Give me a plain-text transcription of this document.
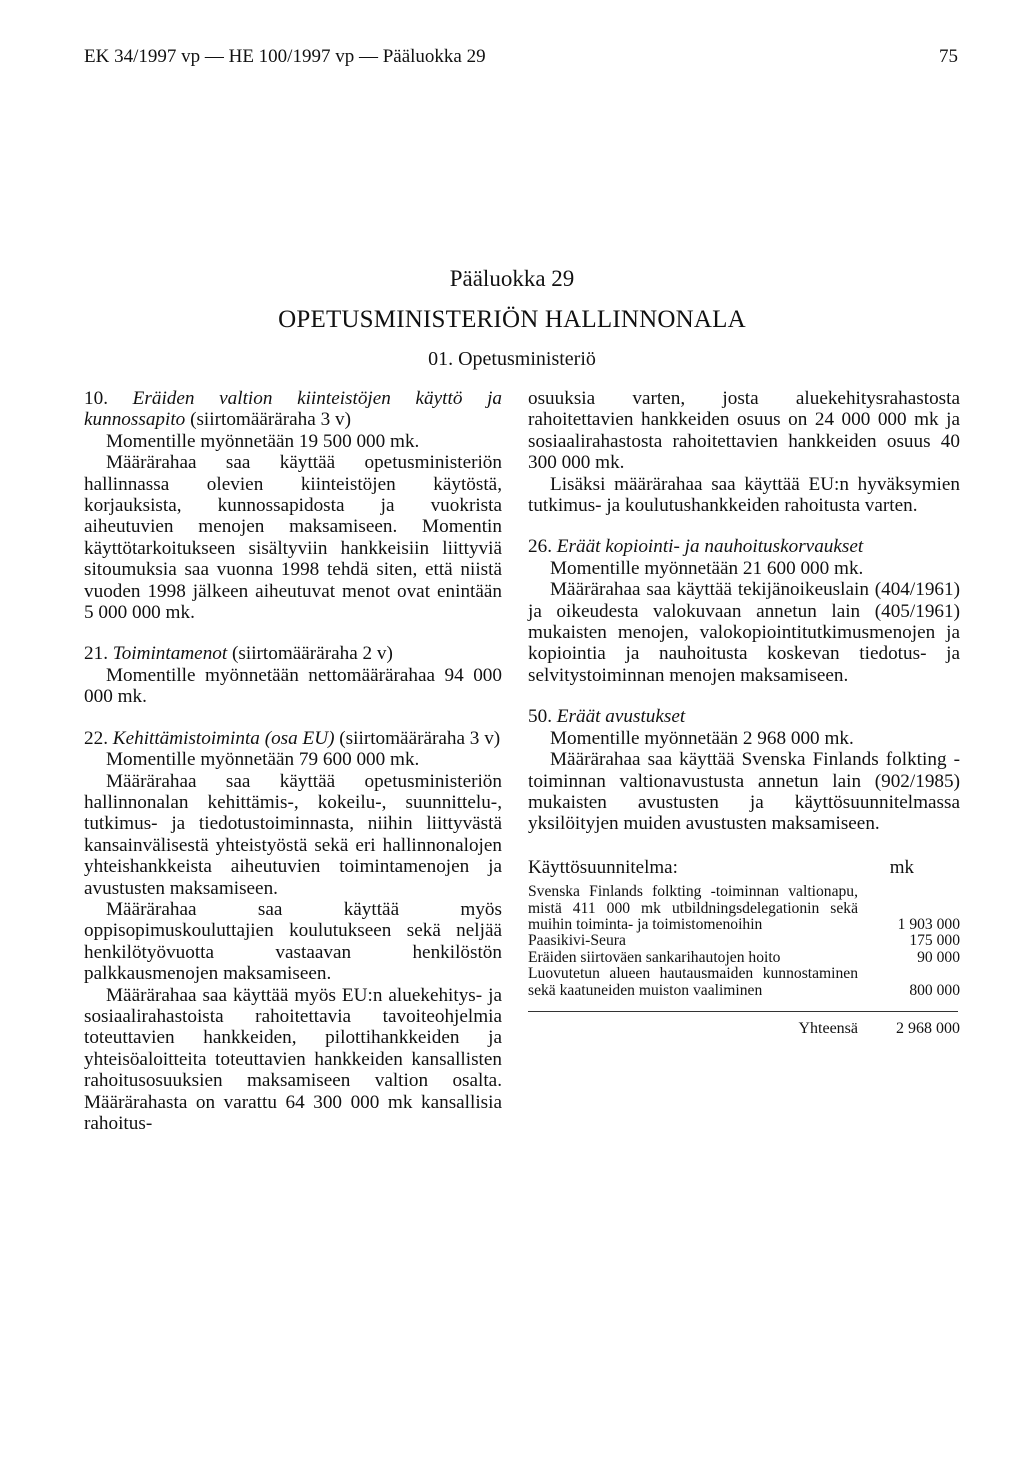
EK 34/1997 vp — HE 100/1997 vp — Pääluokka 29	75
Pääluokka 29
OPETUSMINISTERIÖN HALLINNONALA
01. Opetusministeriö

10. Eräiden valtion kiinteistöjen käyttö ja kunnossapito (siirtomääräraha 3 v)

Momentille myönnetään 19 500 000 mk.

Määrärahaa saa käyttää opetusministeriön hallinnassa olevien kiinteistöjen käytöstä, korjauksista, kunnossapidosta ja vuokrista aiheutuvien menojen maksamiseen. Momentin käyttötarkoitukseen sisältyviin hankkeisiin liittyviä sitoumuksia saa vuonna 1998 tehdä siten, että niistä vuoden 1998 jälkeen aiheutuvat menot ovat enintään 5 000 000 mk.

21. Toimintamenot (siirtomääräraha 2 v)

Momentille myönnetään nettomäärärahaa 94 000 000 mk.

22. Kehittämistoiminta (osa EU) (siirtomääräraha 3 v)

Momentille myönnetään 79 600 000 mk.

Määrärahaa saa käyttää opetusministeriön hallinnonalan kehittämis-, kokeilu-, suunnittelu-, tutkimus- ja tiedotustoiminnasta, niihin liittyvästä kansainvälisestä yhteistyöstä sekä eri hallinnonalojen yhteishankkeista aiheutuvien toimintamenojen ja avustusten maksamiseen.

Määrärahaa saa käyttää myös oppisopimuskouluttajien koulutukseen sekä neljää henkilötyövuotta vastaavan henkilöstön palkkausmenojen maksamiseen.

Määrärahaa saa käyttää myös EU:n aluekehitys- ja sosiaalirahastoista rahoitettavia tavoiteohjelmia toteuttavien hankkeiden, pilottihankkeiden ja yhteisöaloitteita toteuttavien hankkeiden kansallisten rahoitusosuuksien maksamiseen valtion osalta. Määrärahasta on varattu 64 300 000 mk kansallisia rahoitus-

osuuksia varten, josta aluekehitysrahastosta rahoitettavien hankkeiden osuus on 24 000 000 mk ja sosiaalirahastosta rahoitettavien hankkeiden osuus 40 300 000 mk.

Lisäksi määrärahaa saa käyttää EU:n hyväksymien tutkimus- ja koulutushankkeiden rahoitusta varten.

26. Eräät kopiointi- ja nauhoituskorvaukset

Momentille myönnetään 21 600 000 mk.

Määrärahaa saa käyttää tekijänoikeuslain (404/1961) ja oikeudesta valokuvaan annetun lain (405/1961) mukaisten menojen, valokopiointitutkimusmenojen ja kopiointia ja nauhoitusta koskevan tiedotus- ja selvitystoiminnan menojen maksamiseen.

50. Eräät avustukset

Momentille myönnetään 2 968 000 mk.

Määrärahaa saa käyttää Svenska Finlands folkting -toiminnan valtionavustusta annetun lain (902/1985) mukaisten avustusten ja käyttösuunnitelmassa yksilöityjen muiden avustusten maksamiseen.

Käyttösuunnitelma:	mk
Svenska Finlands folkting -toiminnan valtionapu, mistä 411 000 mk utbildningsdelegationin sekä muihin toiminta- ja toimistomenoihin	1 903 000
Paasikivi-Seura	175 000
Eräiden siirtoväen sankarihautojen hoito	90 000
Luovutetun alueen hautausmaiden kunnostaminen sekä kaatuneiden muiston vaaliminen	800 000
Yhteensä 2 968 000
